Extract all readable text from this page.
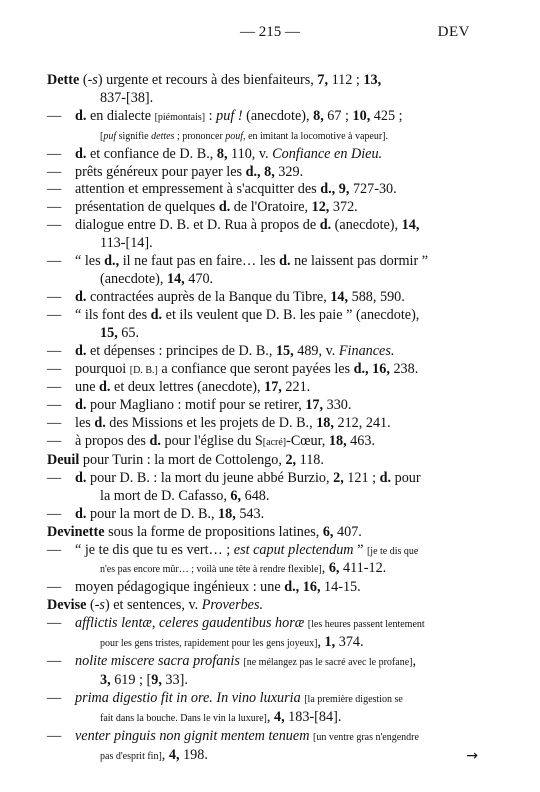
— 215 —	DEV
Dette (-s) urgente et recours à des bienfaiteurs, 7, 112 ; 13,
837-[38].
— d. en dialecte [piémontais] : puf ! (anecdote), 8, 67 ; 10, 425 ;
[puf signifie dettes ; prononcer pouf, en imitant la locomotive à vapeur].
— d. et confiance de D. B., 8, 110, v. Confiance en Dieu.
— prêts généreux pour payer les d., 8, 329.
— attention et empressement à s'acquitter des d., 9, 727-30.
— présentation de quelques d. de l'Oratoire, 12, 372.
— dialogue entre D. B. et D. Rua à propos de d. (anecdote), 14,
113-[14].
— “ les d., il ne faut pas en faire… les d. ne laissent pas dormir ”
(anecdote), 14, 470.
— d. contractées auprès de la Banque du Tibre, 14, 588, 590.
— “ ils font des d. et ils veulent que D. B. les paie ” (anecdote),
15, 65.
— d. et dépenses : principes de D. B., 15, 489, v. Finances.
— pourquoi [D. B.] a confiance que seront payées les d., 16, 238.
— une d. et deux lettres (anecdote), 17, 221.
— d. pour Magliano : motif pour se retirer, 17, 330.
— les d. des Missions et les projets de D. B., 18, 212, 241.
— à propos des d. pour l'église du S[acré]-Cœur, 18, 463.
Deuil pour Turin : la mort de Cottolengo, 2, 118.
— d. pour D. B. : la mort du jeune abbé Burzio, 2, 121 ; d. pour
la mort de D. Cafasso, 6, 648.
— d. pour la mort de D. B., 18, 543.
Devinette sous la forme de propositions latines, 6, 407.
— “ je te dis que tu es vert… ; est caput plectendum ” [je te dis que
n'es pas encore mûr… ; voilà une tête à rendre flexible], 6, 411-12.
— moyen pédagogique ingénieux : une d., 16, 14-15.
Devise (-s) et sentences, v. Proverbes.
— afflictis lentæ, celeres gaudentibus horæ [les heures passent lentement
pour les gens tristes, rapidement pour les gens joyeux], 1, 374.
— nolite miscere sacra profanis [ne mélangez pas le sacré avec le profane],
3, 619 ; [9, 33].
— prima digestio fit in ore. In vino luxuria [la première digestion se
fait dans la bouche. Dans le vin la luxure], 4, 183-[84].
— venter pinguis non gignit mentem tenuem [un ventre gras n'engendre
pas d'esprit fin], 4, 198.	→
